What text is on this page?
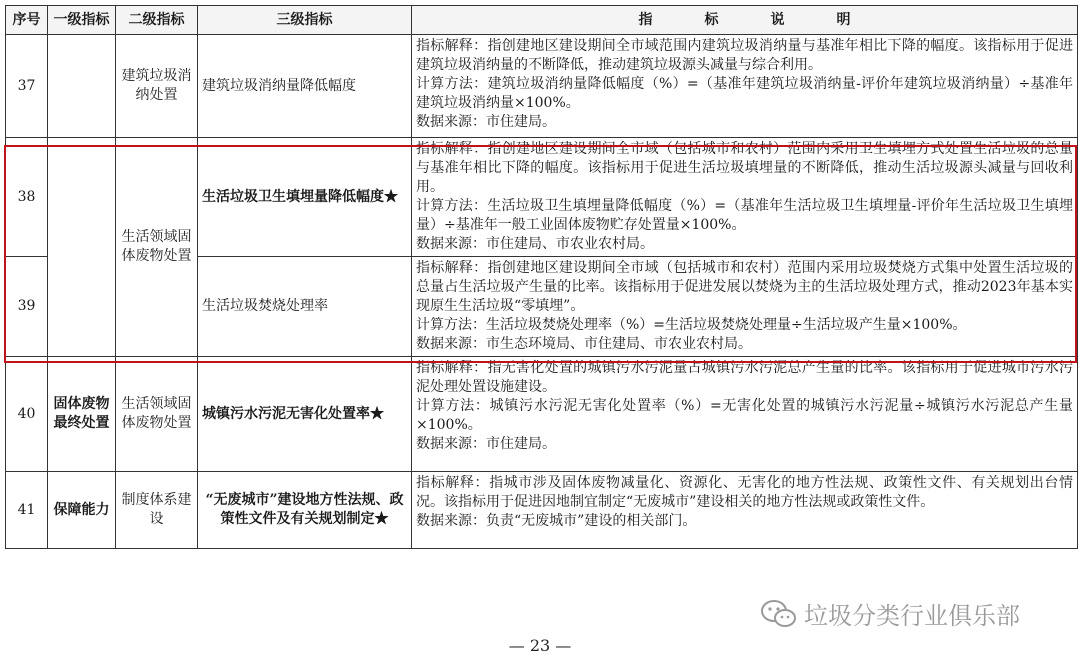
序号	一级指标	二级指标	三级指标	指标说明
37		建筑垃圾消纳处置	建筑垃圾消纳量降低幅度	指标解释：指创建地区建设期间全市域范围内建筑垃圾消纳量与基准年相比下降的幅度。该指标用于促进建筑垃圾消纳量的不断降低，推动建筑垃圾源头减量与综合利用。

计算方法：建筑垃圾消纳量降低幅度（%）=（基准年建筑垃圾消纳量-评价年建筑垃圾消纳量）÷基准年建筑垃圾消纳量×100%。

数据来源：市住建局。

38		生活领域固体废物处置	生活垃圾卫生填埋量降低幅度★	指标解释：指创建地区建设期间全市域（包括城市和农村）范围内采用卫生填埋方式处置生活垃圾的总量与基准年相比下降的幅度。该指标用于促进生活垃圾填埋量的不断降低，推动生活垃圾源头减量与回收利用。

计算方法：生活垃圾卫生填埋量降低幅度（%）=（基准年生活垃圾卫生填埋量-评价年生活垃圾卫生填埋量）÷基准年一般工业固体废物贮存处置量×100%。

数据来源：市住建局、市农业农村局。

39			生活垃圾焚烧处理率	指标解释：指创建地区建设期间全市域（包括城市和农村）范围内采用垃圾焚烧方式集中处置生活垃圾的总量占生活垃圾产生量的比率。该指标用于促进发展以焚烧为主的生活垃圾处理方式，推动2023年基本实现原生生活垃圾“零填埋”。

计算方法：生活垃圾焚烧处理率（%）=生活垃圾焚烧处理量÷生活垃圾产生量×100%。

数据来源：市生态环境局、市住建局、市农业农村局。

40	固体废物最终处置	生活领域固体废物处置	城镇污水污泥无害化处置率★	指标解释：指无害化处置的城镇污水污泥量占城镇污水污泥总产生量的比率。该指标用于促进城市污水污泥处理处置设施建设。

计算方法：城镇污水污泥无害化处置率（%）=无害化处置的城镇污水污泥量÷城镇污水污泥总产生量×100%。

数据来源：市住建局。

41	保障能力	制度体系建设	“无废城市”建设地方性法规、政策性文件及有关规划制定★	指标解释：指城市涉及固体废物减量化、资源化、无害化的地方性法规、政策性文件、有关规划出台情况。该指标用于促进因地制宜制定“无废城市”建设相关的地方性法规或政策性文件。

数据来源：负责“无废城市”建设的相关部门。

垃圾分类行业俱乐部
— 23 —
